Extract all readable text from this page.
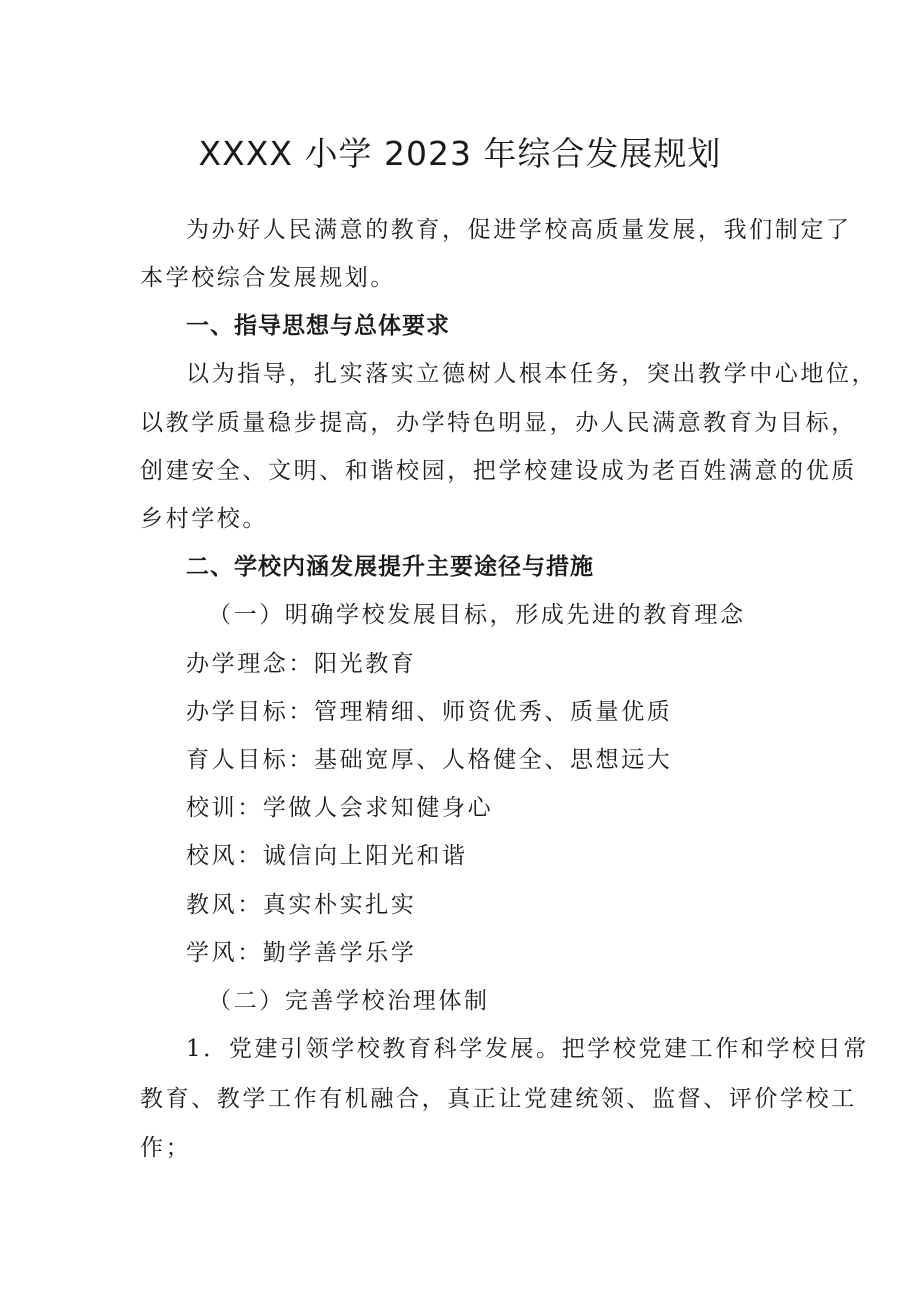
XXXX 小学 2023 年综合发展规划

为办好人民满意的教育，促进学校高质量发展，我们制定了

本学校综合发展规划。

一、指导思想与总体要求

以为指导，扎实落实立德树人根本任务，突出教学中心地位，

以教学质量稳步提高，办学特色明显，办人民满意教育为目标，

创建安全、文明、和谐校园，把学校建设成为老百姓满意的优质

乡村学校。

二、学校内涵发展提升主要途径与措施

（一）明确学校发展目标，形成先进的教育理念

办学理念：阳光教育

办学目标：管理精细、师资优秀、质量优质

育人目标：基础宽厚、人格健全、思想远大

校训：学做人会求知健身心

校风：诚信向上阳光和谐

教风：真实朴实扎实

学风：勤学善学乐学

（二）完善学校治理体制

1．党建引领学校教育科学发展。把学校党建工作和学校日常

教育、教学工作有机融合，真正让党建统领、监督、评价学校工

作；
